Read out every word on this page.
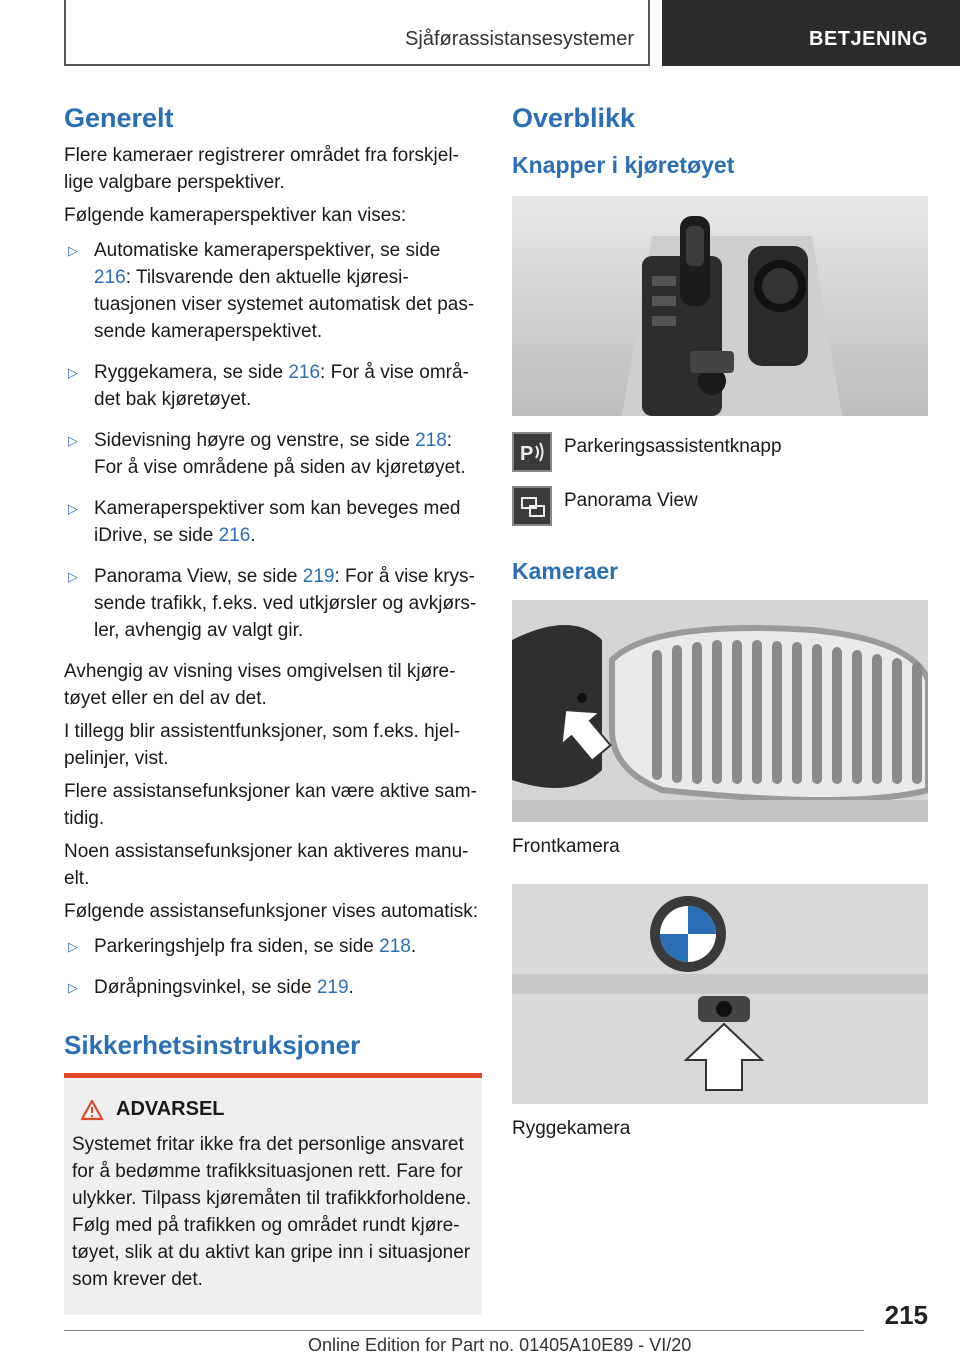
Sjåførassistansesystemer	BETJENING
Generelt

Flere kameraer registrerer området fra forskjellige valgbare perspektiver.

Følgende kameraperspektiver kan vises:

▷ Automatiske kameraperspektiver, se side 216: Tilsvarende den aktuelle kjøresituasjonen viser systemet automatisk det passende kameraperspektivet.
▷ Ryggekamera, se side 216: For å vise området bak kjøretøyet.
▷ Sidevisning høyre og venstre, se side 218: For å vise områdene på siden av kjøretøyet.
▷ Kameraperspektiver som kan beveges med iDrive, se side 216.
▷ Panorama View, se side 219: For å vise kryssende trafikk, f.eks. ved utkjørsler og avkjørsler, avhengig av valgt gir.

Avhengig av visning vises omgivelsen til kjøretøyet eller en del av det.

I tillegg blir assistentfunksjoner, som f.eks. hjelpelinjer, vist.

Flere assistansefunksjoner kan være aktive samtidig.

Noen assistansefunksjoner kan aktiveres manuelt.

Følgende assistansefunksjoner vises automatisk:

▷ Parkeringshjelp fra siden, se side 218.
▷ Døråpningsvinkel, se side 219.
Sikkerhetsinstruksjoner
ADVARSEL
Systemet fritar ikke fra det personlige ansvaret for å bedømme trafikksituasjonen rett. Fare for ulykker. Tilpass kjøremåten til trafikkforholdene. Følg med på trafikken og området rundt kjøretøyet, slik at du aktivt kan gripe inn i situasjoner som krever det.
Overblikk
Knapper i kjøretøyet
P Parkeringsassistentknapp
Panorama View
Kameraer
Frontkamera
Ryggekamera
215
Online Edition for Part no. 01405A10E89 - VI/20
